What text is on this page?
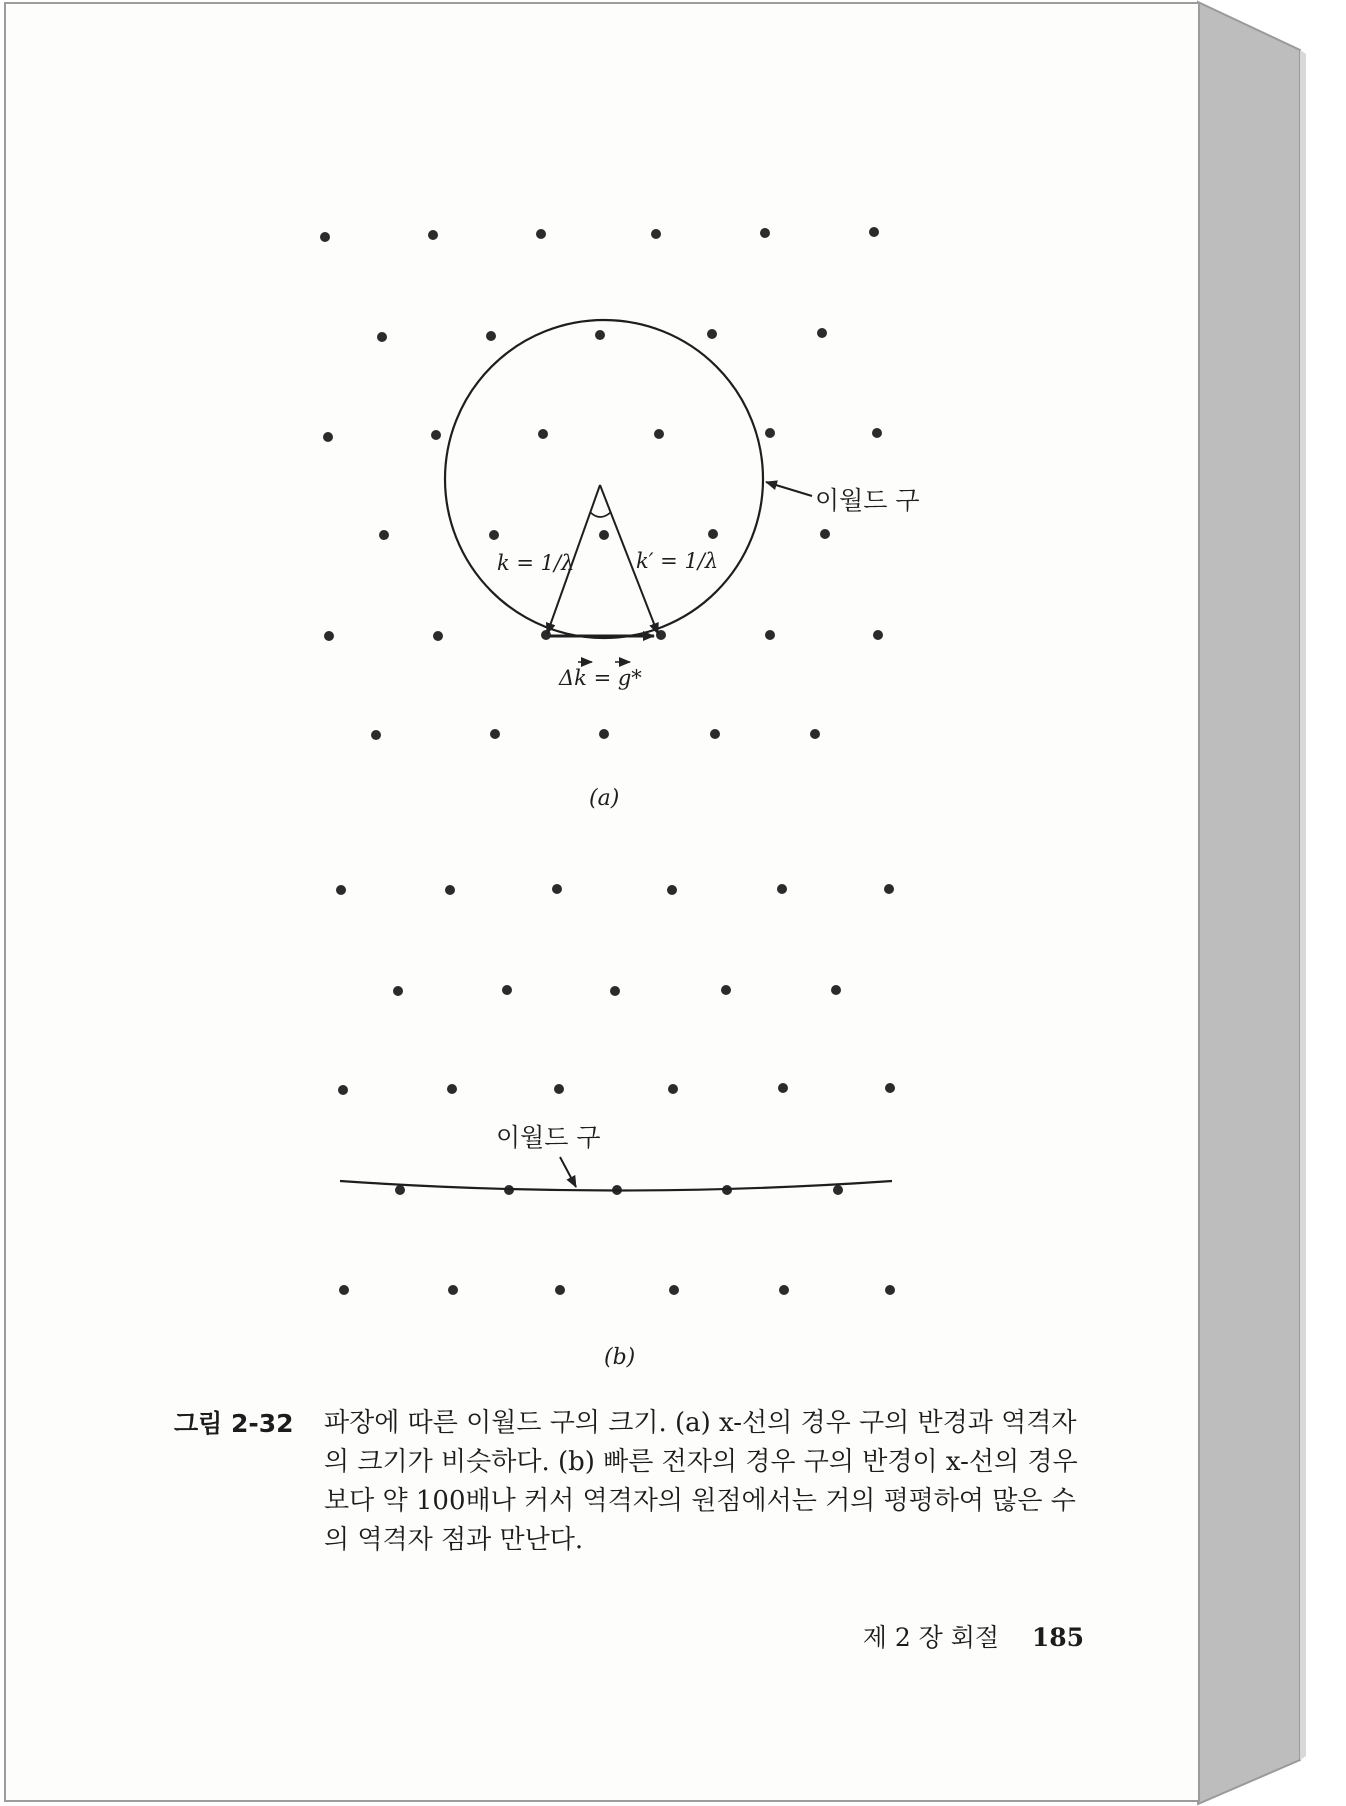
이월드 구
k = 1/λ	k′ = 1/λ
Δk = g*
(a)
이월드 구
(b)
그림 2-32 파장에 따른 이월드 구의 크기. (a) x-선의 경우 구의 반경과 역격자의 크기가 비슷하다. (b) 빠른 전자의 경우 구의 반경이 x-선의 경우보다 약 100배나 커서 역격자의 원점에서는 거의 평평하여 많은 수의 역격자 점과 만난다.
제 2 장 회절 185
